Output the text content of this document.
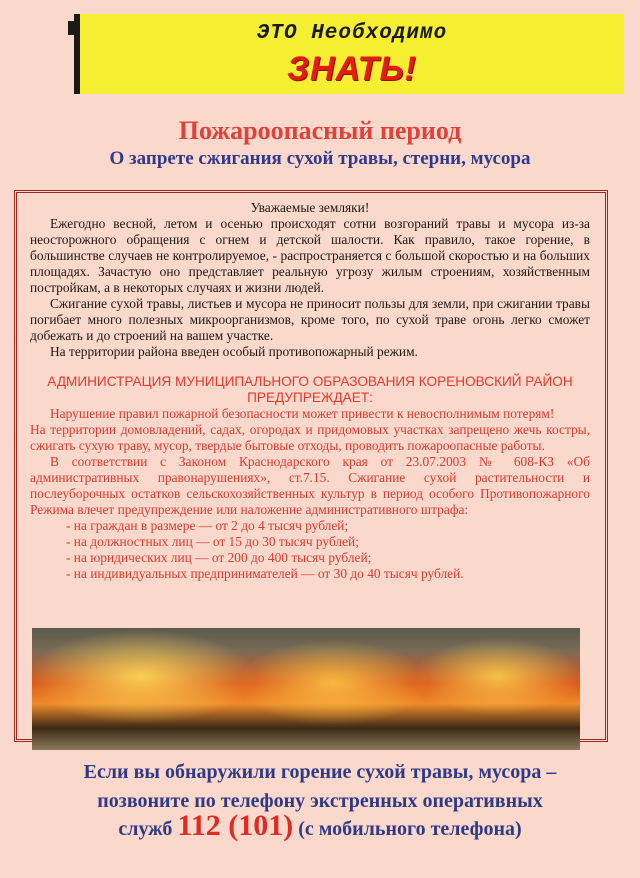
ЭТО Необходимо
ЗНАТЬ!
Пожароопасный период
О запрете сжигания сухой травы, стерни, мусора

Уважаемые земляки!

Ежегодно весной, летом и осенью происходят сотни возгораний травы и мусора из-за неосторожного обращения с огнем и детской шалости. Как правило, такое горение, в большинстве случаев не контролируемое, - распространяется с большой скоростью и на больших площадях. Зачастую оно представляет реальную угрозу жилым строениям, хозяйственным постройкам, а в некоторых случаях и жизни людей.

Сжигание сухой травы, листьев и мусора не приносит пользы для земли, при сжигании травы погибает много полезных микроорганизмов, кроме того, по сухой траве огонь легко сможет добежать и до строений на вашем участке.

На территории района введен особый противопожарный режим.

АДМИНИСТРАЦИЯ МУНИЦИПАЛЬНОГО ОБРАЗОВАНИЯ КОРЕНОВСКИЙ РАЙОН ПРЕДУПРЕЖДАЕТ:

Нарушение правил пожарной безопасности может привести к невосполнимым потерям!

На территории домовладений, садах, огородах и придомовых участках запрещено жечь костры, сжигать сухую траву, мусор, твердые бытовые отходы, проводить пожароопасные работы.

В соответствии с Законом Краснодарского края от 23.07.2003 № 608-КЗ «Об административных правонарушениях», ст.7.15. Сжигание сухой растительности и послеуборочных остатков сельскохозяйственных культур в период особого Противопожарного Режима влечет предупреждение или наложение административного штрафа:

- на граждан в размере — от 2 до 4 тысяч рублей;
- на должностных лиц — от 15 до 30 тысяч рублей;
- на юридических лиц — от 200 до 400 тысяч рублей;
- на индивидуальных предпринимателей — от 30 до 40 тысяч рублей.
Если вы обнаружили горение сухой травы, мусора –
позвоните по телефону экстренных оперативных
служб 112 (101) (с мобильного телефона)
